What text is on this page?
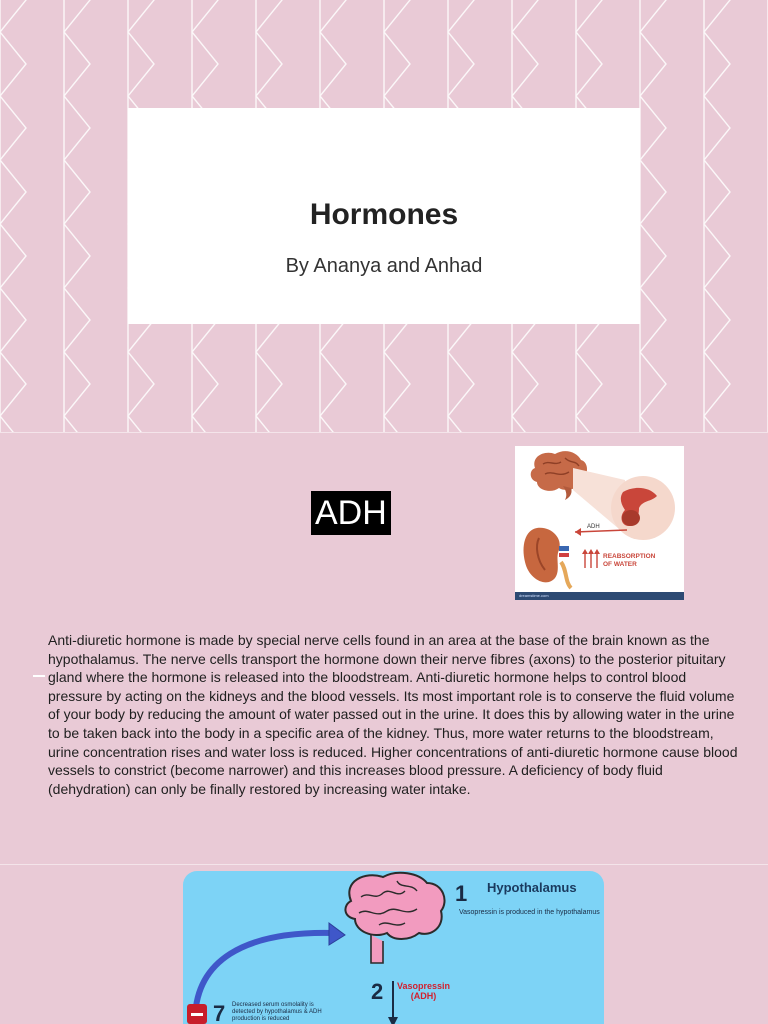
Hormones
By Ananya and Anhad
ADH	ADH
REABSORPTION
OF WATER
dreamstime.com
Anti-diuretic hormone is made by special nerve cells found in an area at the base of the brain known as the hypothalamus. The nerve cells transport the hormone down their nerve fibres (axons) to the posterior pituitary gland where the hormone is released into the bloodstream. Anti-diuretic hormone helps to control blood pressure by acting on the kidneys and the blood vessels. Its most important role is to conserve the fluid volume of your body by reducing the amount of water passed out in the urine. It does this by allowing water in the urine to be taken back into the body in a specific area of the kidney. Thus, more water returns to the bloodstream, urine concentration rises and water loss is reduced. Higher concentrations of anti-diuretic hormone cause blood vessels to constrict (become narrower) and this increases blood pressure. A deficiency of body fluid (dehydration) can only be finally restored by increasing water intake.
1 Hypothalamus
Vasopressin is produced in the hypothalamus
2 Vasopressin
(ADH)
7 Decreased serum osmolality is detected by hypothalamus & ADH production is reduced
